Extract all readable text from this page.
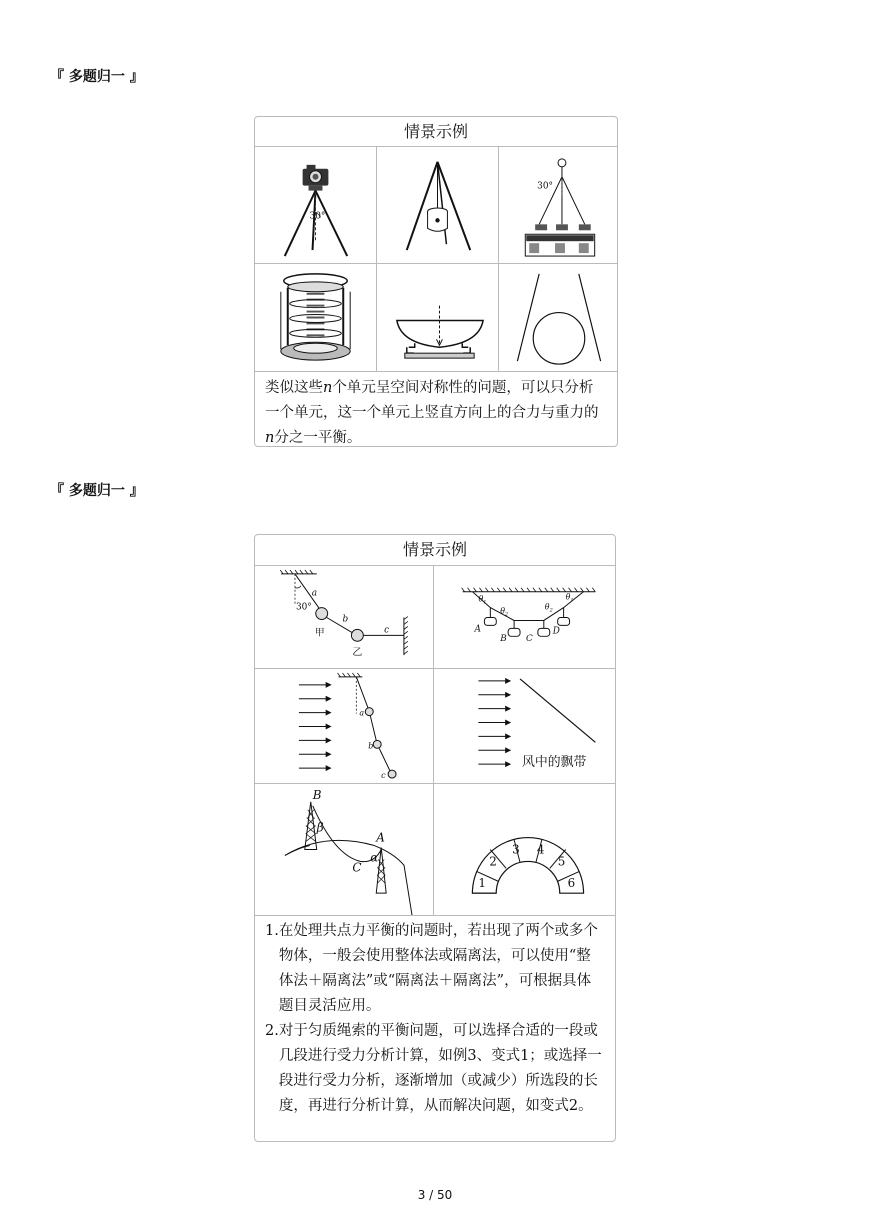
『 多题归一 』
情景示例
30°
30°
类似这些n个单元呈空间对称性的问题，可以只分析一个单元，这一个单元上竖直方向上的合力与重力的n分之一平衡。
『 多题归一 』
情景示例
a
30°
b
c
甲
乙
$\theta_1$
$\theta_2$
$\theta_2$
$\theta_1$
A
B C
D
a
b
c
风中的飘带
B
A
C
β
α
1
2
3 4
5
6
1. 在处理共点力平衡的问题时，若出现了两个或多个物体，一般会使用整体法或隔离法，可以使用“整体法＋隔离法”或“隔离法＋隔离法”，可根据具体题目灵活应用。
2. 对于匀质绳索的平衡问题，可以选择合适的一段或几段进行受力分析计算，如例3、变式1；或选择一段进行受力分析，逐渐增加（或减少）所选段的长度，再进行分析计算，从而解决问题，如变式2。
3 / 50
